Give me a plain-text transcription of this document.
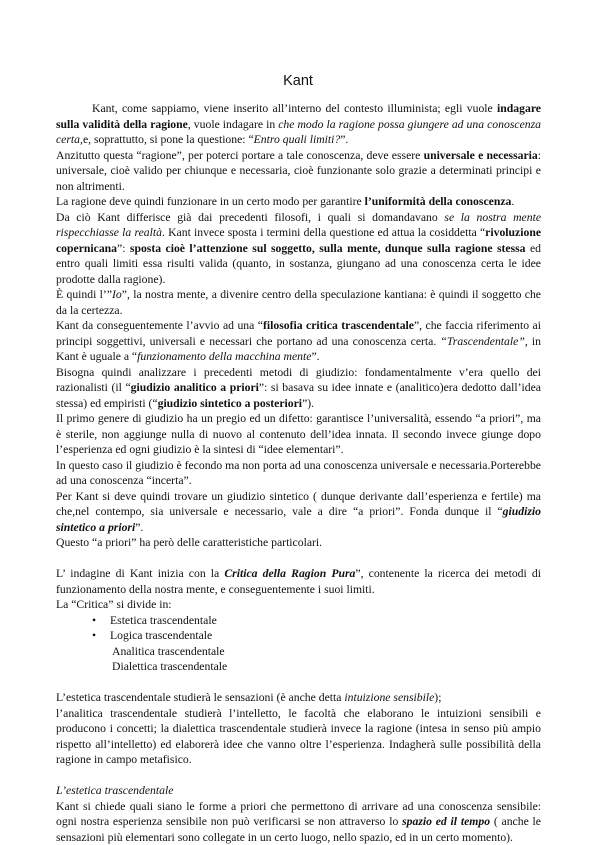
Kant

Kant, come sappiamo, viene inserito all’interno del contesto illuminista; egli vuole indagare sulla validità della ragione, vuole indagare in che modo la ragione possa giungere ad una conoscenza certa,e, soprattutto, si pone la questione: “Entro quali limiti?”.

Anzitutto questa “ragione”, per poterci portare a tale conoscenza, deve essere universale e necessaria: universale, cioè valido per chiunque e necessaria, cioè funzionante solo grazie a determinati principi e non altrimenti.

La ragione deve quindi funzionare in un certo modo per garantire l’uniformità della conoscenza.

Da ciò Kant differisce già dai precedenti filosofi, i quali si domandavano se la nostra mente rispecchiasse la realtà. Kant invece sposta i termini della questione ed attua la cosiddetta “rivoluzione copernicana”: sposta cioè l’attenzione sul soggetto, sulla mente, dunque sulla ragione stessa ed entro quali limiti essa risulti valida (quanto, in sostanza, giungano ad una conoscenza certa le idee prodotte dalla ragione).

È quindi l’”Io”, la nostra mente, a divenire centro della speculazione kantiana: è quindi il soggetto che da la certezza.

Kant da conseguentemente l’avvio ad una “filosofia critica trascendentale”, che faccia riferimento ai principi soggettivi, universali e necessari che portano ad una conoscenza certa. “Trascendentale”, in Kant è uguale a “funzionamento della macchina mente”.

Bisogna quindi analizzare i precedenti metodi di giudizio: fondamentalmente v’era quello dei razionalisti (il “giudizio analitico a priori”: si basava su idee innate e (analitico)era dedotto dall’idea stessa) ed empiristi (“giudizio sintetico a posteriori”).

Il primo genere di giudizio ha un pregio ed un difetto: garantisce l’universalità, essendo “a priori”, ma è sterile, non aggiunge nulla di nuovo al contenuto dell’idea innata. Il secondo invece giunge dopo l’esperienza ed ogni giudizio è la sintesi di “idee elementari”.

In questo caso il giudizio è fecondo ma non porta ad una conoscenza universale e necessaria.Porterebbe ad una conoscenza “incerta”.

Per Kant si deve quindi trovare un giudizio sintetico ( dunque derivante dall’esperienza e fertile) ma che,nel contempo, sia universale e necessario, vale a dire “a priori”. Fonda dunque il “giudizio sintetico a priori”.

Questo “a priori” ha però delle caratteristiche particolari.

L’ indagine di Kant inizia con la Critica della Ragion Pura”, contenente la ricerca dei metodi di funzionamento della nostra mente, e conseguentemente i suoi limiti.

La “Critica” si divide in:

• Estetica trascendentale
• Logica trascendentale

Analitica trascendentale

Dialettica trascendentale

L’estetica trascendentale studierà le sensazioni (è anche detta intuizione sensibile);

l’analitica trascendentale studierà l’intelletto, le facoltà che elaborano le intuizioni sensibili e producono i concetti; la dialettica trascendentale studierà invece la ragione (intesa in senso più ampio rispetto all’intelletto) ed elaborerà idee che vanno oltre l’esperienza. Indagherà sulle possibilità della ragione in campo metafisico.

L’estetica trascendentale

Kant si chiede quali siano le forme a priori che permettono di arrivare ad una conoscenza sensibile: ogni nostra esperienza sensibile non può verificarsi se non attraverso lo spazio ed il tempo ( anche le sensazioni più elementari sono collegate in un certo luogo, nello spazio, ed in un certo momento).
